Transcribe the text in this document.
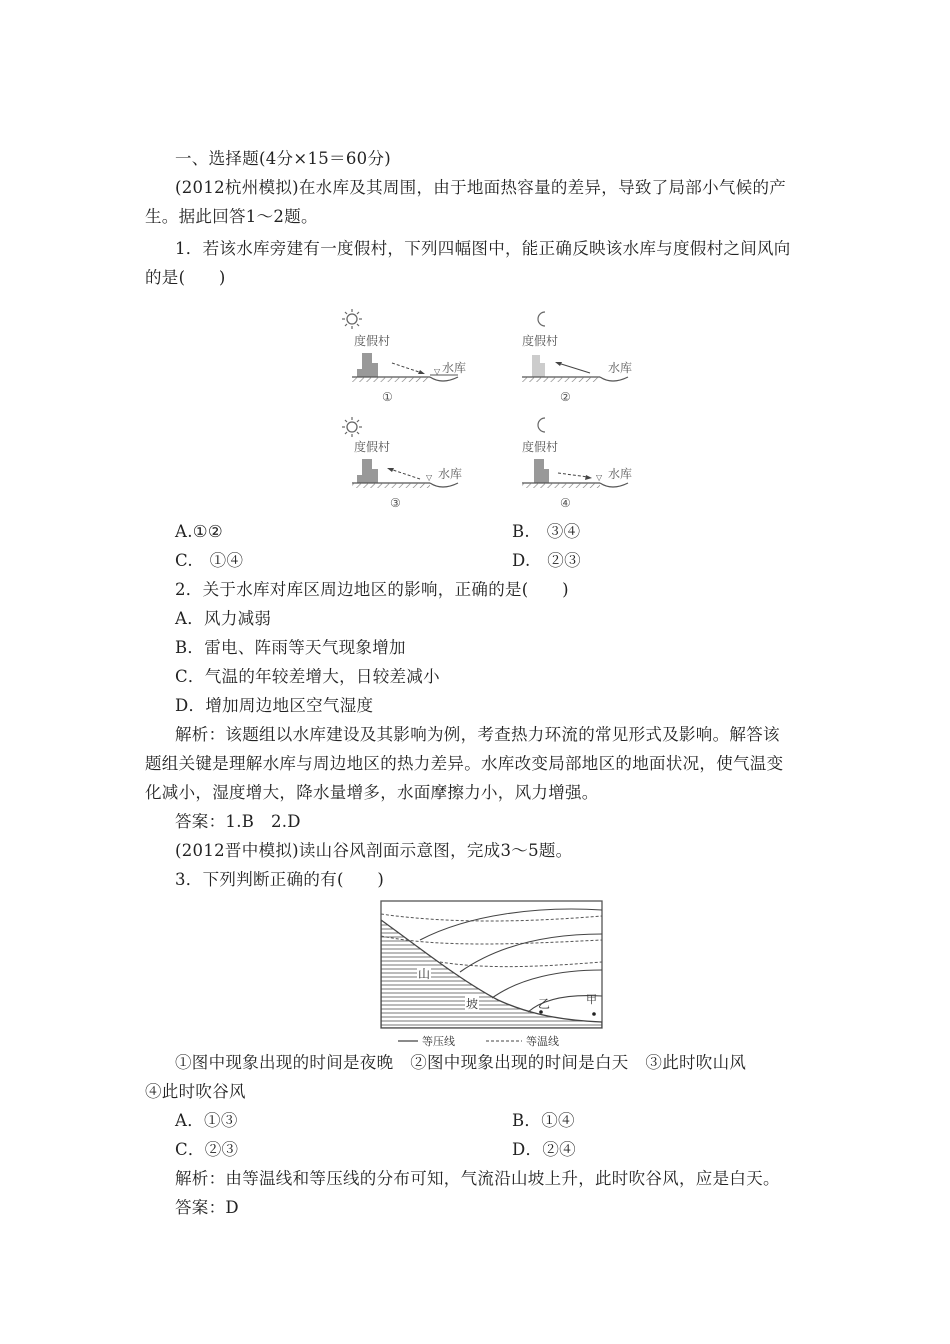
一、选择题(4分×15＝60分)
(2012杭州模拟)在水库及其周围，由于地面热容量的差异，导致了局部小气候的产
生。据此回答1～2题。
1．若该水库旁建有一度假村，下列四幅图中，能正确反映该水库与度假村之间风向
的是(　　)
度假村
▽ 水库
①
度假村
水库
②
度假村
▽ 水库
③
度假村
▽ 水库
④
A.①②	B.　③④
C.　①④	D.　②③
2．关于水库对库区周边地区的影响，正确的是(　　)
A．风力减弱
B．雷电、阵雨等天气现象增加
C．气温的年较差增大，日较差减小
D．增加周边地区空气湿度
解析：该题组以水库建设及其影响为例，考查热力环流的常见形式及影响。解答该
题组关键是理解水库与周边地区的热力差异。水库改变局部地区的地面状况，使气温变
化减小，湿度增大，降水量增多，水面摩擦力小，风力增强。
答案：1.B　2.D
(2012晋中模拟)读山谷风剖面示意图，完成3～5题。
3．下列判断正确的有(　　)
山
坡	乙	甲
等压线	等温线
①图中现象出现的时间是夜晚　②图中现象出现的时间是白天　③此时吹山风
④此时吹谷风
A．①③	B．①④
C．②③	D．②④
解析：由等温线和等压线的分布可知，气流沿山坡上升，此时吹谷风，应是白天。
答案：D
